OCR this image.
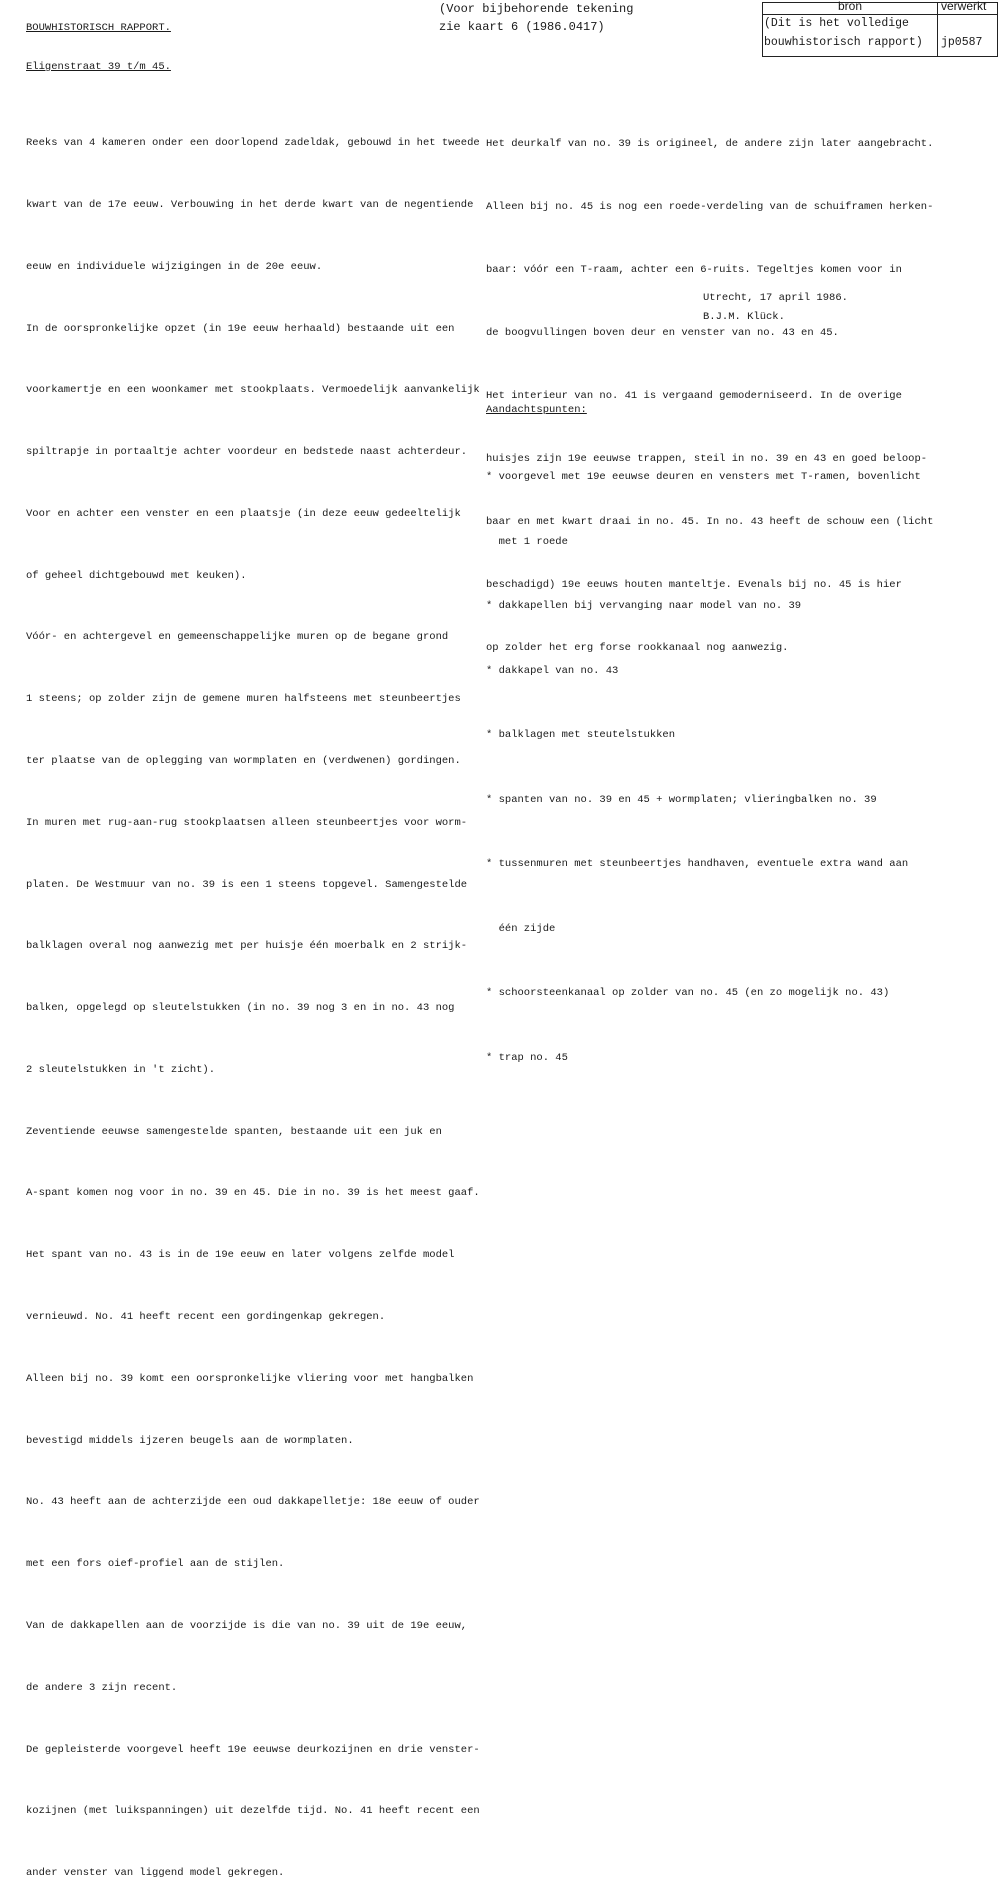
BOUWHISTORISCH RAPPORT.
(Voor bijbehorende tekening
zie kaart 6 (1986.0417)
bron	verwerkt
(Dit is het volledige
bouwhistorisch rapport) jp0587
Eligenstraat 39 t/m 45.

Reeks van 4 kameren onder een doorlopend zadeldak, gebouwd in het tweede

kwart van de 17e eeuw. Verbouwing in het derde kwart van de negentiende

eeuw en individuele wijzigingen in de 20e eeuw.

In de oorspronkelijke opzet (in 19e eeuw herhaald) bestaande uit een

voorkamertje en een woonkamer met stookplaats. Vermoedelijk aanvankelijk

spiltrapje in portaaltje achter voordeur en bedstede naast achterdeur.

Voor en achter een venster en een plaatsje (in deze eeuw gedeeltelijk

of geheel dichtgebouwd met keuken).

Vóór- en achtergevel en gemeenschappelijke muren op de begane grond

1 steens; op zolder zijn de gemene muren halfsteens met steunbeertjes

ter plaatse van de oplegging van wormplaten en (verdwenen) gordingen.

In muren met rug-aan-rug stookplaatsen alleen steunbeertjes voor worm-

platen. De Westmuur van no. 39 is een 1 steens topgevel. Samengestelde

balklagen overal nog aanwezig met per huisje één moerbalk en 2 strijk-

balken, opgelegd op sleutelstukken (in no. 39 nog 3 en in no. 43 nog

2 sleutelstukken in 't zicht).

Zeventiende eeuwse samengestelde spanten, bestaande uit een juk en

A-spant komen nog voor in no. 39 en 45. Die in no. 39 is het meest gaaf.

Het spant van no. 43 is in de 19e eeuw en later volgens zelfde model

vernieuwd. No. 41 heeft recent een gordingenkap gekregen.

Alleen bij no. 39 komt een oorspronkelijke vliering voor met hangbalken

bevestigd middels ijzeren beugels aan de wormplaten.

No. 43 heeft aan de achterzijde een oud dakkapelletje: 18e eeuw of ouder

met een fors oief-profiel aan de stijlen.

Van de dakkapellen aan de voorzijde is die van no. 39 uit de 19e eeuw,

de andere 3 zijn recent.

De gepleisterde voorgevel heeft 19e eeuwse deurkozijnen en drie venster-

kozijnen (met luikspanningen) uit dezelfde tijd. No. 41 heeft recent een

ander venster van liggend model gekregen.

Het deurkalf van no. 39 is origineel, de andere zijn later aangebracht.

Alleen bij no. 45 is nog een roede-verdeling van de schuiframen herken-

baar: vóór een T-raam, achter een 6-ruits. Tegeltjes komen voor in

de boogvullingen boven deur en venster van no. 43 en 45.

Het interieur van no. 41 is vergaand gemoderniseerd. In de overige

huisjes zijn 19e eeuwse trappen, steil in no. 39 en 43 en goed beloop-

baar en met kwart draai in no. 45. In no. 43 heeft de schouw een (licht

beschadigd) 19e eeuws houten manteltje. Evenals bij no. 45 is hier

op zolder het erg forse rookkanaal nog aanwezig.

Utrecht, 17 april 1986.
B.J.M. Klück.
Aandachtspunten:

* voorgevel met 19e eeuwse deuren en vensters met T-ramen, bovenlicht

met 1 roede

* dakkapellen bij vervanging naar model van no. 39

* dakkapel van no. 43

* balklagen met steutelstukken

* spanten van no. 39 en 45 + wormplaten; vlieringbalken no. 39

* tussenmuren met steunbeertjes handhaven, eventuele extra wand aan

één zijde

* schoorsteenkanaal op zolder van no. 45 (en zo mogelijk no. 43)

* trap no. 45
